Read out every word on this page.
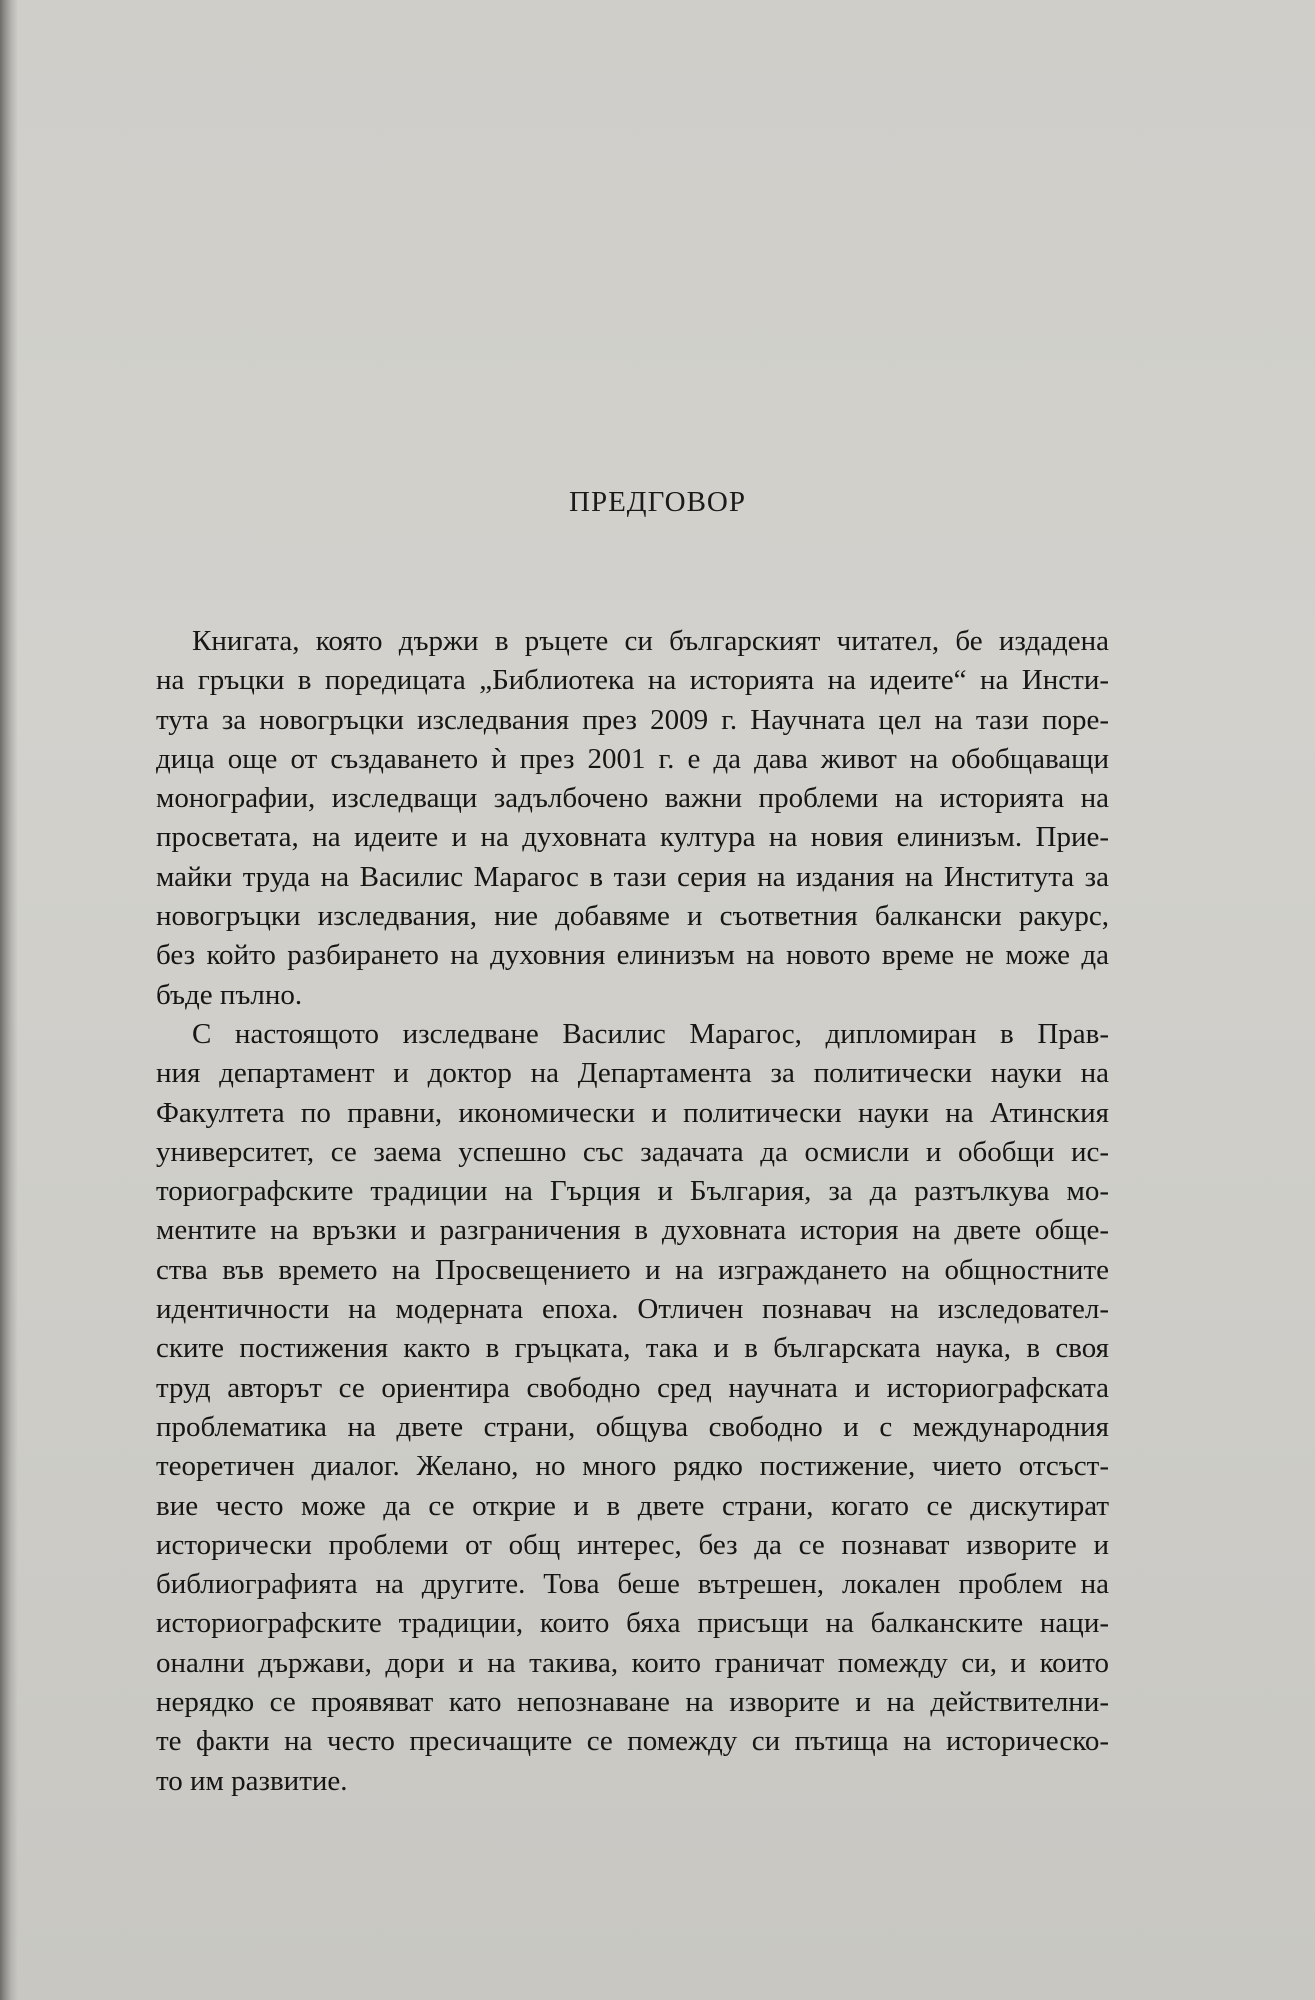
ПРЕДГОВОР

Книгата, която държи в ръцете си българският читател, бе издадена
на гръцки в поредицата „Библиотека на историята на идеите“ на Инсти-
тута за новогръцки изследвания през 2009 г. Научната цел на тази поре-
дица още от създаването ѝ през 2001 г. е да дава живот на обобщаващи
монографии, изследващи задълбочено важни проблеми на историята на
просветата, на идеите и на духовната култура на новия елинизъм. Прие-
майки труда на Василис Марагос в тази серия на издания на Института за
новогръцки изследвания, ние добавяме и съответния балкански ракурс,
без който разбирането на духовния елинизъм на новото време не може да
бъде пълно.

С настоящото изследване Василис Марагос, дипломиран в Прав-
ния департамент и доктор на Департамента за политически науки на
Факултета по правни, икономически и политически науки на Атинския
университет, се заема успешно със задачата да осмисли и обобщи ис-
ториографските традиции на Гърция и България, за да разтълкува мо-
ментите на връзки и разграничения в духовната история на двете обще-
ства във времето на Просвещението и на изграждането на общностните
идентичности на модерната епоха. Отличен познавач на изследовател-
ските постижения както в гръцката, така и в българската наука, в своя
труд авторът се ориентира свободно сред научната и историографската
проблематика на двете страни, общува свободно и с международния
теоретичен диалог. Желано, но много рядко постижение, чието отсъст-
вие често може да се открие и в двете страни, когато се дискутират
исторически проблеми от общ интерес, без да се познават изворите и
библиографията на другите. Това беше вътрешен, локален проблем на
историографските традиции, които бяха присъщи на балканските наци-
онални държави, дори и на такива, които граничат помежду си, и които
нерядко се проявяват като непознаване на изворите и на действителни-
те факти на често пресичащите се помежду си пътища на историческо-
то им развитие.
